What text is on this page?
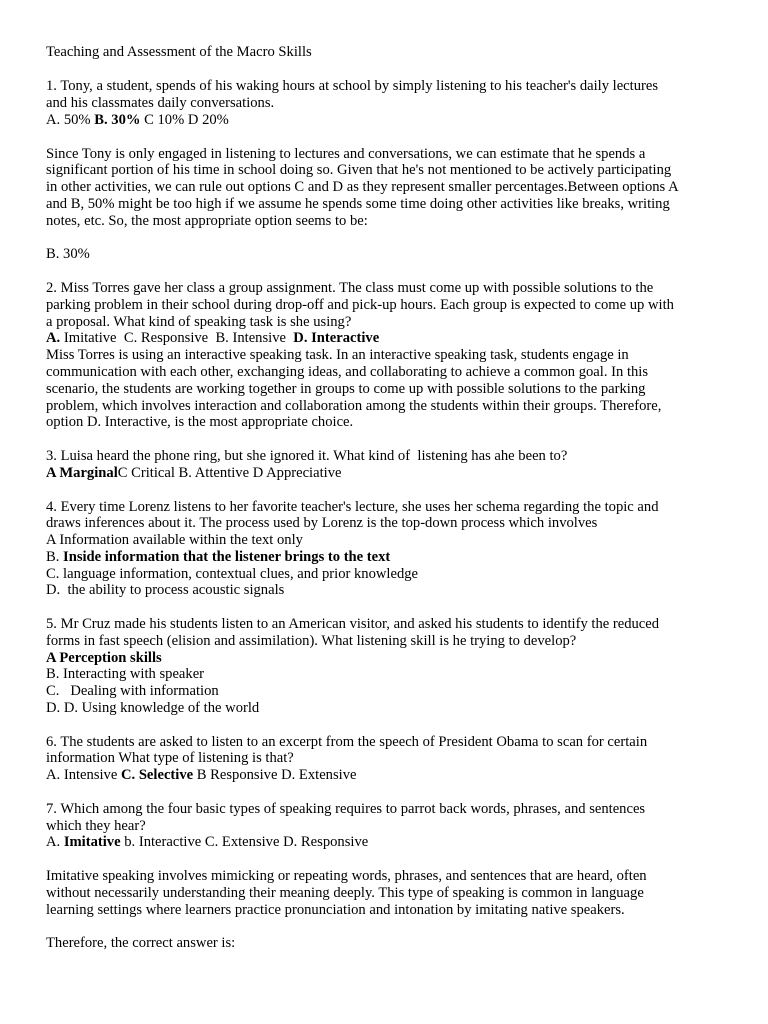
Teaching and Assessment of the Macro Skills
1. Tony, a student, spends of his waking hours at school by simply listening to his teacher's daily lectures
and his classmates daily conversations.
A. 50% B. 30% C 10% D 20%
Since Tony is only engaged in listening to lectures and conversations, we can estimate that he spends a
significant portion of his time in school doing so. Given that he's not mentioned to be actively participating
in other activities, we can rule out options C and D as they represent smaller percentages.Between options A
and B, 50% might be too high if we assume he spends some time doing other activities like breaks, writing
notes, etc. So, the most appropriate option seems to be:
B. 30%
2. Miss Torres gave her class a group assignment. The class must come up with possible solutions to the
parking problem in their school during drop-off and pick-up hours. Each group is expected to come up with
a proposal. What kind of speaking task is she using?
A. Imitative  C. Responsive  B. Intensive  D. Interactive
Miss Torres is using an interactive speaking task. In an interactive speaking task, students engage in
communication with each other, exchanging ideas, and collaborating to achieve a common goal. In this
scenario, the students are working together in groups to come up with possible solutions to the parking
problem, which involves interaction and collaboration among the students within their groups. Therefore,
option D. Interactive, is the most appropriate choice.
3. Luisa heard the phone ring, but she ignored it. What kind of  listening has ahe been to?
A MarginalC Critical B. Attentive D Appreciative
4. Every time Lorenz listens to her favorite teacher's lecture, she uses her schema regarding the topic and
draws inferences about it. The process used by Lorenz is the top-down process which involves
A Information available within the text only
B. Inside information that the listener brings to the text
C. language information, contextual clues, and prior knowledge
D.  the ability to process acoustic signals
5. Mr Cruz made his students listen to an American visitor, and asked his students to identify the reduced
forms in fast speech (elision and assimilation). What listening skill is he trying to develop?
A Perception skills
B. Interacting with speaker
C.   Dealing with information
D. D. Using knowledge of the world
6. The students are asked to listen to an excerpt from the speech of President Obama to scan for certain
information What type of listening is that?
A. Intensive C. Selective B Responsive D. Extensive
7. Which among the four basic types of speaking requires to parrot back words, phrases, and sentences
which they hear?
A. Imitative b. Interactive C. Extensive D. Responsive
Imitative speaking involves mimicking or repeating words, phrases, and sentences that are heard, often
without necessarily understanding their meaning deeply. This type of speaking is common in language
learning settings where learners practice pronunciation and intonation by imitating native speakers.
Therefore, the correct answer is:
